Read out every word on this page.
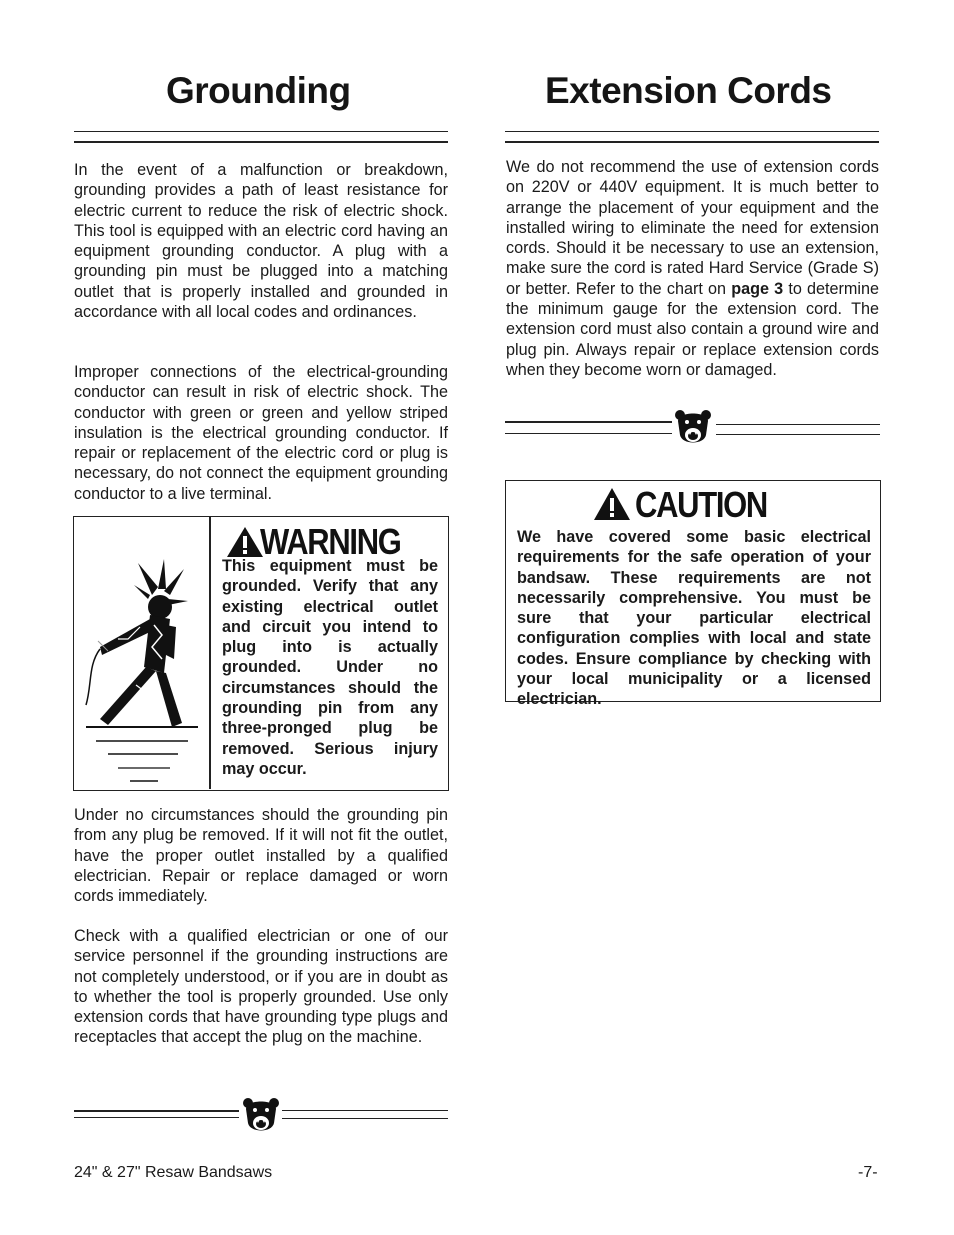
Grounding

In the event of a malfunction or breakdown, grounding provides a path of least resistance for electric current to reduce the risk of electric shock. This tool is equipped with an electric cord having an equipment grounding conductor. A plug with a grounding pin must be plugged into a matching outlet that is properly installed and grounded in accordance with all local codes and ordinances.

Improper connections of the electrical-grounding conductor can result in risk of electric shock. The conductor with green or green and yellow striped insulation is the electrical grounding conductor. If repair or replacement of the electric cord or plug is necessary, do not connect the equipment grounding conductor to a live terminal.

WARNING

This equipment must be grounded. Verify that any existing electrical outlet and circuit you intend to plug into is actually grounded. Under no circumstances should the grounding pin from any three-pronged plug be removed. Serious injury may occur.

Under no circumstances should the grounding pin from any plug be removed. If it will not fit the outlet, have the proper outlet installed by a qualified electrician. Repair or replace damaged or worn cords immediately.

Check with a qualified electrician or one of our service personnel if the grounding instructions are not completely understood, or if you are in doubt as to whether the tool is properly grounded. Use only extension cords that have grounding type plugs and receptacles that accept the plug on the machine.

Extension Cords

We do not recommend the use of extension cords on 220V or 440V equipment. It is much better to arrange the placement of your equipment and the installed wiring to eliminate the need for extension cords. Should it be necessary to use an extension, make sure the cord is rated Hard Service (Grade S) or better. Refer to the chart on page 3 to determine the minimum gauge for the extension cord. The extension cord must also contain a ground wire and plug pin. Always repair or replace extension cords when they become worn or damaged.

CAUTION

We have covered some basic electrical requirements for the safe operation of your bandsaw. These requirements are not necessarily comprehensive. You must be sure that your particular electrical configuration complies with local and state codes. Ensure compliance by checking with your local municipality or a licensed electrician.

24" & 27" Resaw Bandsaws	-7-
